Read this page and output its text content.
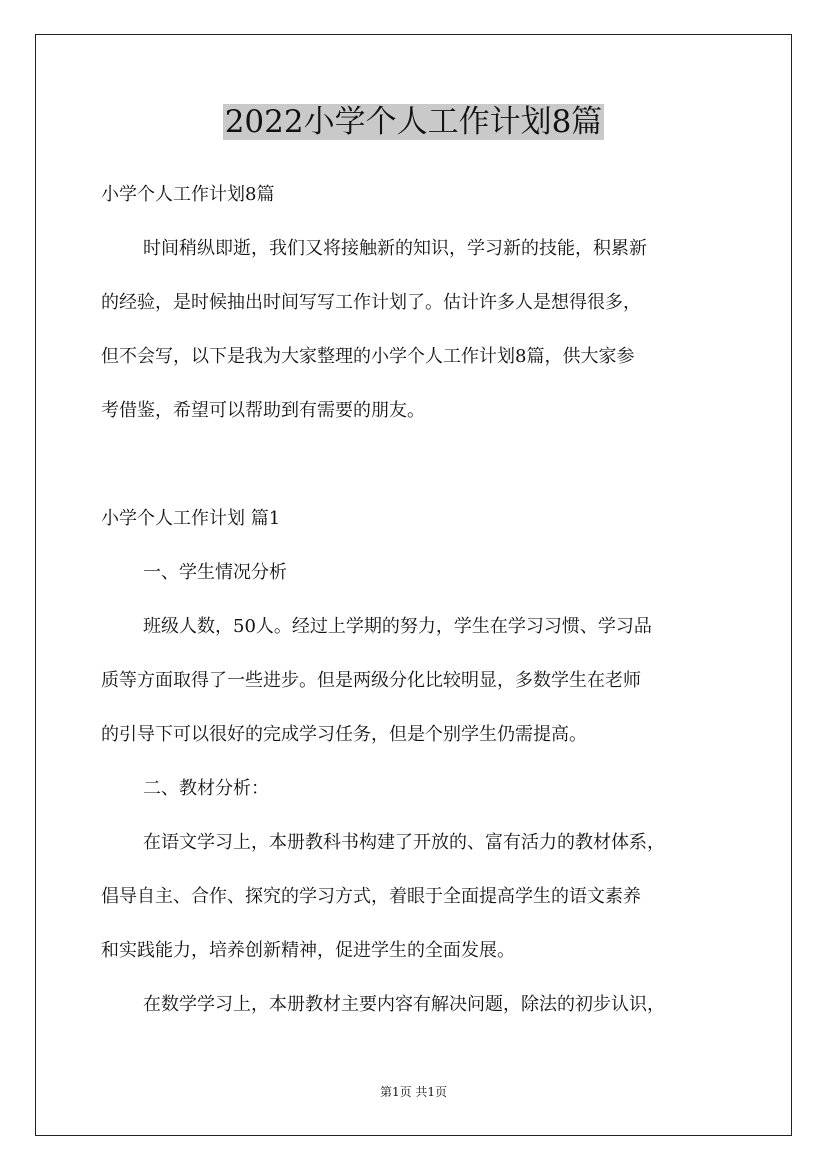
2022小学个人工作计划8篇

小学个人工作计划8篇

时间稍纵即逝，我们又将接触新的知识，学习新的技能，积累新

的经验，是时候抽出时间写写工作计划了。估计许多人是想得很多，

但不会写，以下是我为大家整理的小学个人工作计划8篇，供大家参

考借鉴，希望可以帮助到有需要的朋友。

小学个人工作计划 篇1

一、学生情况分析

班级人数，50人。经过上学期的努力，学生在学习习惯、学习品

质等方面取得了一些进步。但是两级分化比较明显，多数学生在老师

的引导下可以很好的完成学习任务，但是个别学生仍需提高。

二、教材分析：

在语文学习上，本册教科书构建了开放的、富有活力的教材体系，

倡导自主、合作、探究的学习方式，着眼于全面提高学生的语文素养

和实践能力，培养创新精神，促进学生的全面发展。

在数学学习上，本册教材主要内容有解决问题，除法的初步认识，

第1页 共1页
